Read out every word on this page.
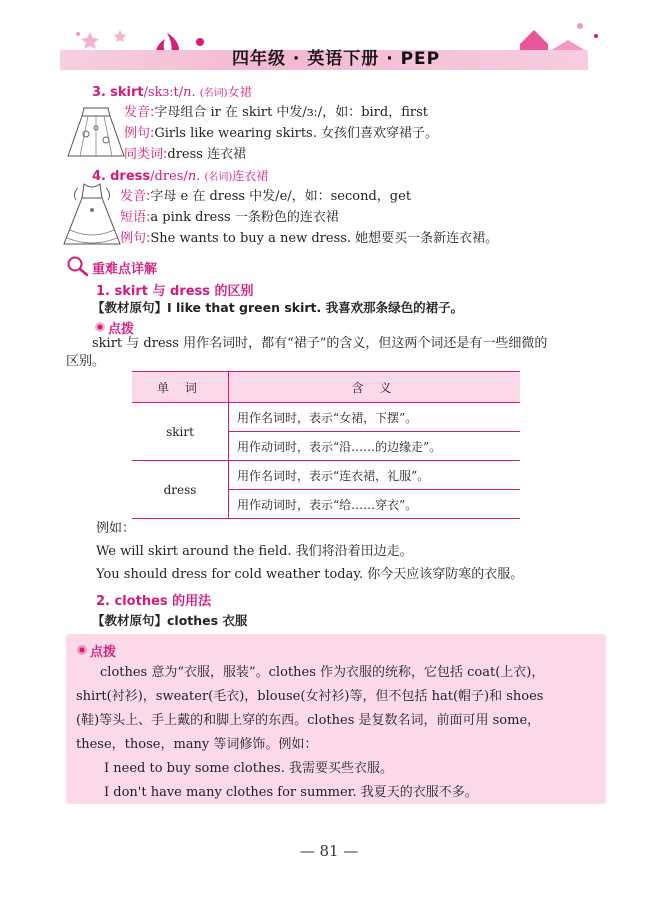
四年级 · 英语下册 · PEP
3. skirt/skɜːt/n. (名词)女裙
发音:字母组合 ir 在 skirt 中发/ɜː/，如：bird，first
例句:Girls like wearing skirts. 女孩们喜欢穿裙子。
同类词:dress 连衣裙
4. dress/dres/n. (名词)连衣裙
发音:字母 e 在 dress 中发/e/，如：second，get
短语:a pink dress 一条粉色的连衣裙
例句:She wants to buy a new dress. 她想要买一条新连衣裙。
重难点详解
1. skirt 与 dress 的区别
【教材原句】I like that green skirt. 我喜欢那条绿色的裙子。
点拨
skirt 与 dress 用作名词时，都有“裙子”的含义，但这两个词还是有一些细微的
区别。
单 词	含 义
skirt	用作名词时，表示“女裙，下摆”。
	用作动词时，表示“沿……的边缘走”。
dress	用作名词时，表示“连衣裙，礼服”。
	用作动词时，表示“给……穿衣”。
例如：
We will skirt around the field. 我们将沿着田边走。
You should dress for cold weather today. 你今天应该穿防寒的衣服。
2. clothes 的用法
【教材原句】clothes 衣服
点拨
clothes 意为“衣服，服装”。clothes 作为衣服的统称，它包括 coat(上衣)，
shirt(衬衫)，sweater(毛衣)，blouse(女衬衫)等，但不包括 hat(帽子)和 shoes
(鞋)等头上、手上戴的和脚上穿的东西。clothes 是复数名词，前面可用 some，
these，those，many 等词修饰。例如：
I need to buy some clothes. 我需要买些衣服。
I don't have many clothes for summer. 我夏天的衣服不多。
— 81 —
